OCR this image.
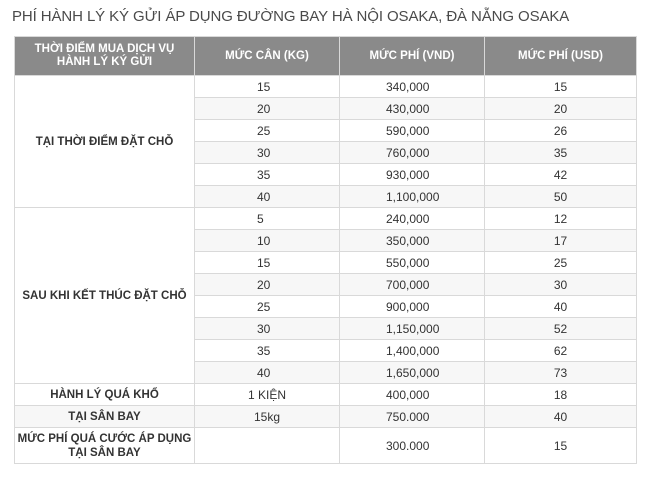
PHÍ HÀNH LÝ KÝ GỬI ÁP DỤNG ĐƯỜNG BAY HÀ NỘI OSAKA, ĐÀ NẴNG OSAKA
THỜI ĐIỂM MUA DỊCH VỤ HÀNH LÝ KÝ GỬI	MỨC CÂN (KG)	MỨC PHÍ (VND)	MỨC PHÍ (USD)
TẠI THỜI ĐIỂM ĐẶT CHỖ	15	340,000	15
	20	430,000	20
	25	590,000	26
	30	760,000	35
	35	930,000	42
	40	1,100,000	50
SAU KHI KẾT THÚC ĐẶT CHỖ	5	240,000	12
	10	350,000	17
	15	550,000	25
	20	700,000	30
	25	900,000	40
	30	1,150,000	52
	35	1,400,000	62
	40	1,650,000	73
HÀNH LÝ QUÁ KHỔ	1 KIỆN	400,000	18
TẠI SÂN BAY	15kg	750.000	40
MỨC PHÍ QUÁ CƯỚC ÁP DỤNG TẠI SÂN BAY		300.000	15
